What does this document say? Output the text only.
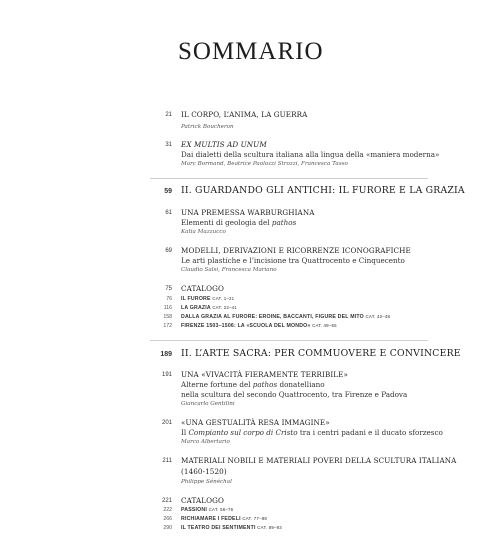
SOMMARIO
21 IL CORPO, L’ANIMA, LA GUERRA
Patrick Boucheron
31 EX MULTIS AD UNUM
Dai dialetti della scultura italiana alla lingua della «maniera moderna»
Marc Bormand, Beatrice Paolozzi Strozzi, Francesca Tasso
59 II. GUARDANDO GLI ANTICHI: IL FURORE E LA GRAZIA
61 UNA PREMESSA WARBURGHIANA
Elementi di geologia del pathos
Katia Mazzucco
69 MODELLI, DERIVAZIONI E RICORRENZE ICONOGRAFICHE
Le arti plastiche e l’incisione tra Quattrocento e Cinquecento
Claudio Salsi, Francesca Mariano
75 CATALOGO
76 IL FURORE CAT. 1–21
116 LA GRAZIA CAT. 22–41
158 DALLA GRAZIA AL FURORE: EROINE, BACCANTI, FIGURE DEL MITO CAT. 42–48
172 FIRENZE 1503–1506: LA «SCUOLA DEL MONDO» CAT. 49–55
189 II. L’ARTE SACRA: PER COMMUOVERE E CONVINCERE
191 UNA «VIVACITÀ FIERAMENTE TERRIBILE»
Alterne fortune del pathos donatelliano
nella scultura del secondo Quattrocento, tra Firenze e Padova
Giancarlo Gentilini
201 «UNA GESTUALITÀ RESA IMMAGINE»
Il Compianto sul corpo di Cristo tra i centri padani e il ducato sforzesco
Marco Albertario
211 MATERIALI NOBILI E MATERIALI POVERI DELLA SCULTURA ITALIANA
(1460-1520)
Philippe Sénéchal
221 CATALOGO
222 PASSIONI CAT. 56–76
266 RICHIAMARE I FEDELI CAT. 77–88
290 IL TEATRO DEI SENTIMENTI CAT. 89–93
